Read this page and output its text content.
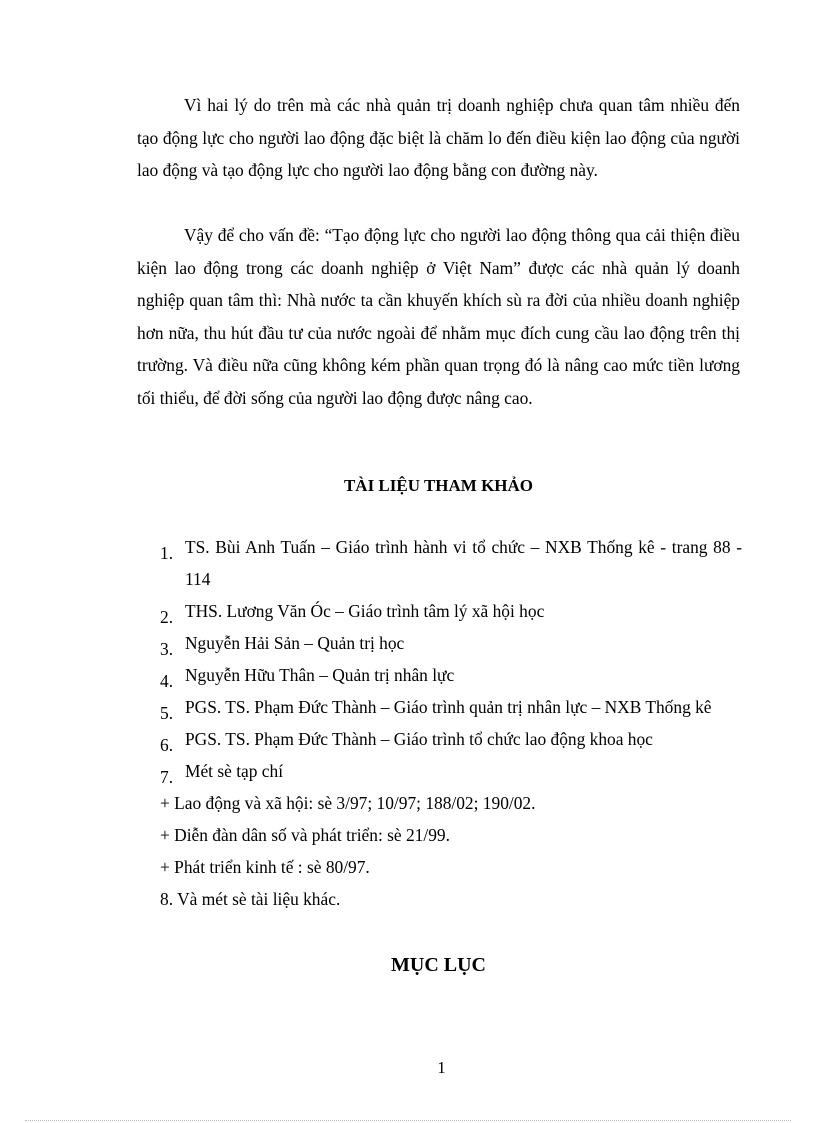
Vì hai lý do trên mà các nhà quản trị doanh nghiệp chưa quan tâm nhiều đến tạo động lực cho người lao động đặc biệt là chăm lo đến điều kiện lao động của người lao động và tạo động lực cho người lao động bằng con đường này.

Vậy để cho vấn đề: “Tạo động lực cho người lao động thông qua cải thiện điều kiện lao động trong các doanh nghiệp ở Việt Nam” được các nhà quản lý doanh nghiệp quan tâm thì: Nhà nước ta cần khuyến khích sù ra đời của nhiều doanh nghiệp hơn nữa, thu hút đầu tư của nước ngoài để nhằm mục đích cung cầu lao động trên thị trường. Và điều nữa cũng không kém phần quan trọng đó là nâng cao mức tiền lương tối thiểu, để đời sống của người lao động được nâng cao.

TÀI LIỆU THAM KHẢO
1. TS. Bùi Anh Tuấn – Giáo trình hành vi tổ chức – NXB Thống kê - trang 88 - 114
2. THS. Lương Văn Óc – Giáo trình tâm lý xã hội học
3. Nguyễn Hải Sản – Quản trị học
4. Nguyễn Hữu Thân – Quản trị nhân lực
5. PGS. TS. Phạm Đức Thành – Giáo trình quản trị nhân lực – NXB Thống kê
6. PGS. TS. Phạm Đức Thành – Giáo trình tổ chức lao động khoa học
7. Mét sè tạp chí
+ Lao động và xã hội: sè 3/97; 10/97; 188/02; 190/02.
+ Diễn đàn dân số và phát triển: sè 21/99.
+ Phát triển kinh tế : sè 80/97.
8. Và mét sè tài liệu khác.
MỤC LỤC
1
